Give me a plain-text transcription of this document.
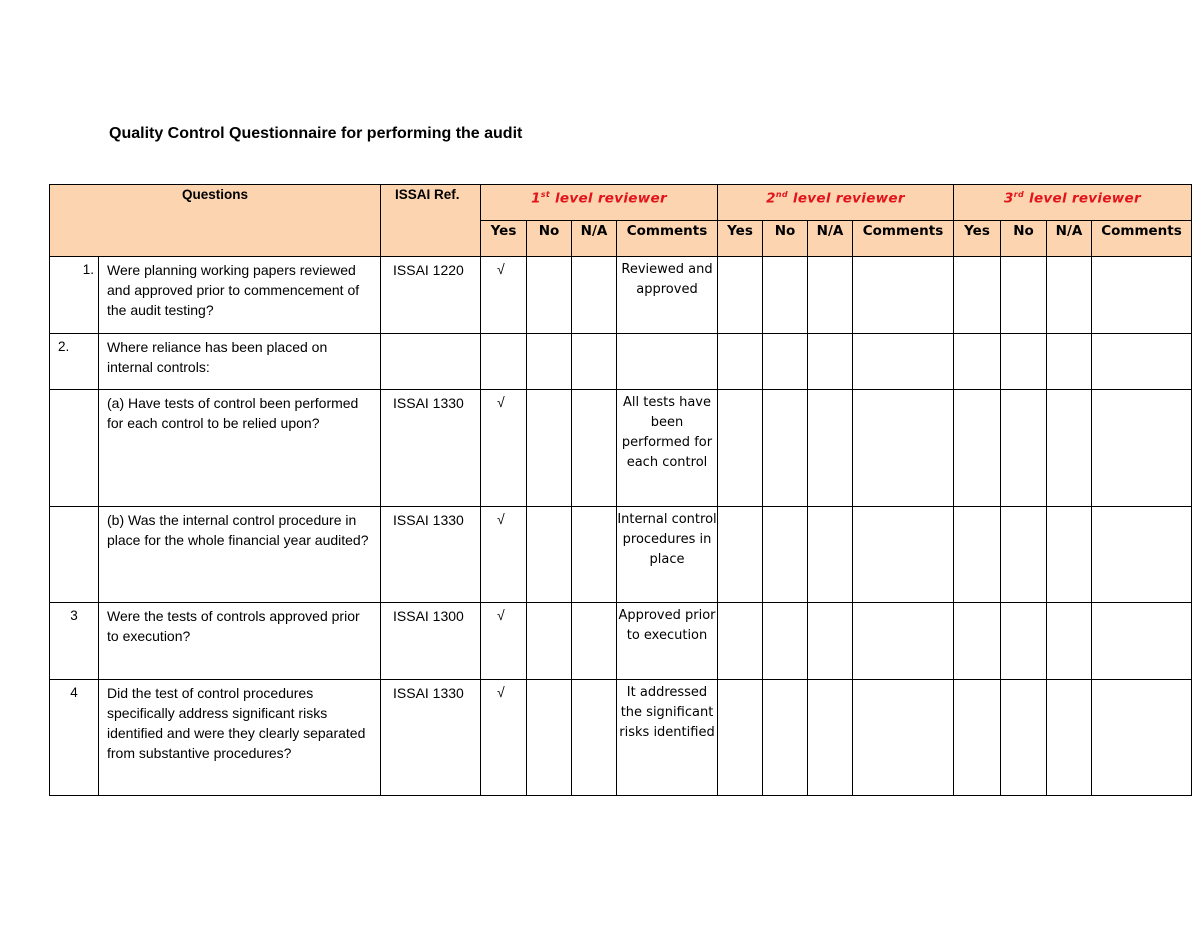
Quality Control Questionnaire for performing the audit
Questions		ISSAI Ref.	1st level reviewer				2nd level reviewer				3rd level reviewer			
			Yes	No	N/A	Comments	Yes	No	N/A	Comments	Yes	No	N/A	Comments
1.	Were planning working papers reviewed and approved prior to commencement of the audit testing?	ISSAI 1220	√			Reviewed and approved								
2.	Where reliance has been placed on internal controls:													
	(a) Have tests of control been performed for each control to be relied upon?	ISSAI 1330	√			All tests have been performed for each control								
	(b) Was the internal control procedure in place for the whole financial year audited?	ISSAI 1330	√			Internal control procedures in place								
3	Were the tests of controls approved prior to execution?	ISSAI 1300	√			Approved prior to execution								
4	Did the test of control procedures specifically address significant risks identified and were they clearly separated from substantive procedures?	ISSAI 1330	√			It addressed the significant risks identified								
